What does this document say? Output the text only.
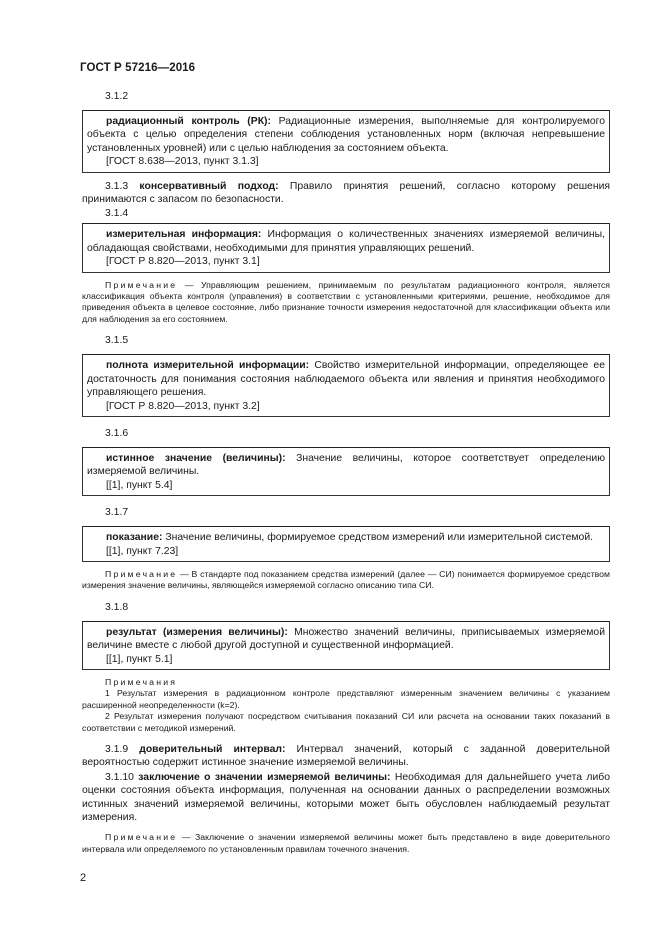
ГОСТ Р 57216—2016
3.1.2
радиационный контроль (РК): Радиационные измерения, выполняемые для контролируемого объекта с целью определения степени соблюдения установленных норм (включая непревышение установленных уровней) или с целью наблюдения за состоянием объекта.
[ГОСТ 8.638—2013, пункт 3.1.3]
3.1.3 консервативный подход: Правило принятия решений, согласно которому решения принимаются с запасом по безопасности.
3.1.4
измерительная информация: Информация о количественных значениях измеряемой величины, обладающая свойствами, необходимыми для принятия управляющих решений.
[ГОСТ Р 8.820—2013, пункт 3.1]
Примечание — Управляющим решением, принимаемым по результатам радиационного контроля, является классификация объекта контроля (управления) в соответствии с установленными критериями, решение, необходимое для приведения объекта в целевое состояние, либо признание точности измерения недостаточной для классификации объекта или для наблюдения за его состоянием.
3.1.5
полнота измерительной информации: Свойство измерительной информации, определяющее ее достаточность для понимания состояния наблюдаемого объекта или явления и принятия необходимого управляющего решения.
[ГОСТ Р 8.820—2013, пункт 3.2]
3.1.6
истинное значение (величины): Значение величины, которое соответствует определению измеряемой величины.
[[1], пункт 5.4]
3.1.7
показание: Значение величины, формируемое средством измерений или измерительной системой.
[[1], пункт 7.23]
Примечание — В стандарте под показанием средства измерений (далее — СИ) понимается формируемое средством измерения значение величины, являющейся измеряемой согласно описанию типа СИ.
3.1.8
результат (измерения величины): Множество значений величины, приписываемых измеряемой величине вместе с любой другой доступной и существенной информацией.
[[1], пункт 5.1]
Примечания
1 Результат измерения в радиационном контроле представляют измеренным значением величины с указанием расширенной неопределенности (k=2).
2 Результат измерения получают посредством считывания показаний СИ или расчета на основании таких показаний в соответствии с методикой измерений.
3.1.9 доверительный интервал: Интервал значений, который с заданной доверительной вероятностью содержит истинное значение измеряемой величины.
3.1.10 заключение о значении измеряемой величины: Необходимая для дальнейшего учета либо оценки состояния объекта информация, полученная на основании данных о распределении возможных истинных значений измеряемой величины, которыми может быть обусловлен наблюдаемый результат измерения.
Примечание — Заключение о значении измеряемой величины может быть представлено в виде доверительного интервала или определяемого по установленным правилам точечного значения.
2
